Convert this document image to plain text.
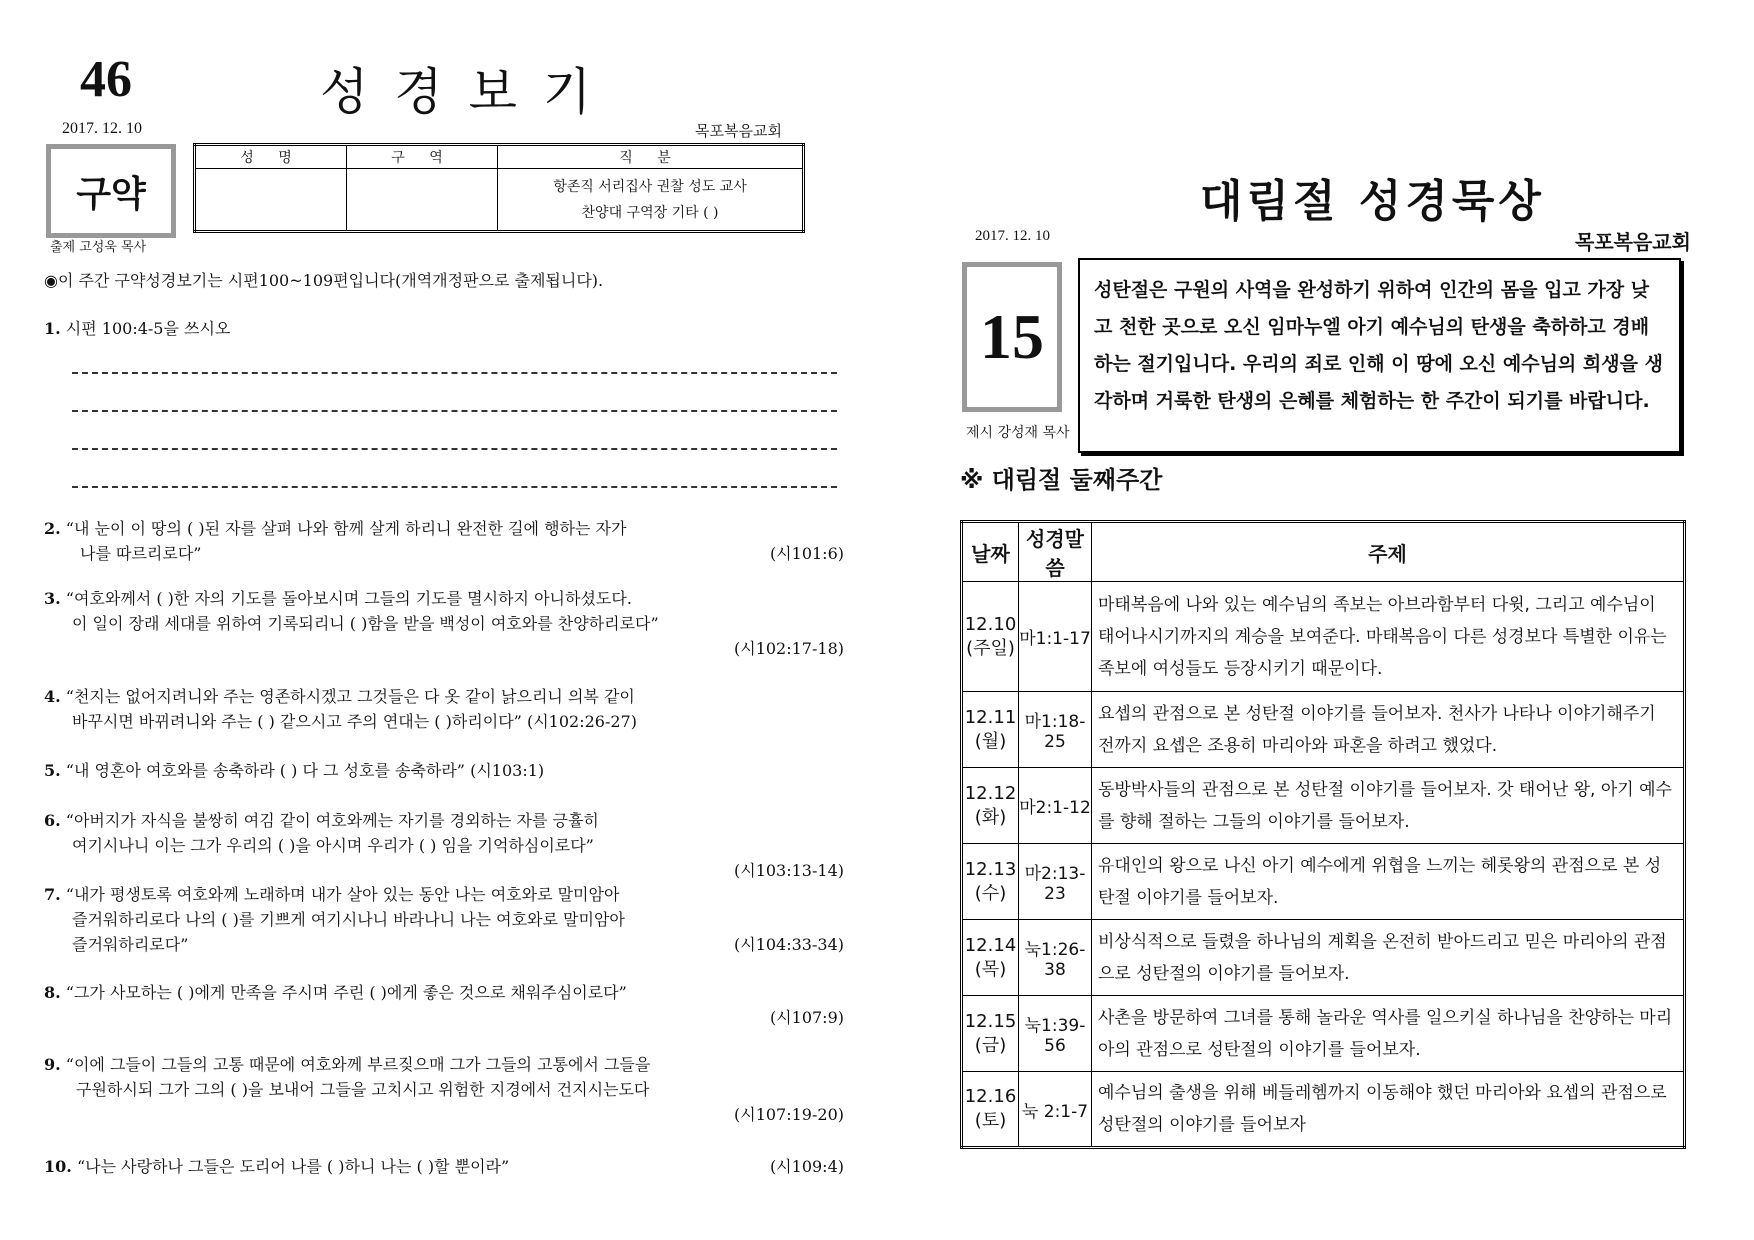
46	성경보기
2017. 12. 10	목포복음교회
구약
출제 고성욱 목사
성 명	구 역	직 분

		항존직 서리집사 권찰 성도 교사
찬양대 구역장 기타 ( )
◉이 주간 구약성경보기는 시편100~109편입니다(개역개정판으로 출제됩니다).
1. 시편 100:4-5을 쓰시오
2. “내 눈이 이 땅의 ( )된 자를 살펴 나와 함께 살게 하리니 완전한 길에 행하는 자가
나를 따르리로다”	(시101:6)
3. “여호와께서 ( )한 자의 기도를 돌아보시며 그들의 기도를 멸시하지 아니하셨도다.
이 일이 장래 세대를 위하여 기록되리니 ( )함을 받을 백성이 여호와를 찬양하리로다”
(시102:17-18)
4. “천지는 없어지려니와 주는 영존하시겠고 그것들은 다 옷 같이 낡으리니 의복 같이
바꾸시면 바뀌려니와 주는 ( ) 같으시고 주의 연대는 ( )하리이다” (시102:26-27)
5. “내 영혼아 여호와를 송축하라 ( ) 다 그 성호를 송축하라” (시103:1)
6. “아버지가 자식을 불쌍히 여김 같이 여호와께는 자기를 경외하는 자를 긍휼히
여기시나니 이는 그가 우리의 ( )을 아시며 우리가 ( ) 임을 기억하심이로다”
(시103:13-14)
7. “내가 평생토록 여호와께 노래하며 내가 살아 있는 동안 나는 여호와로 말미암아
즐거워하리로다 나의 ( )를 기쁘게 여기시나니 바라나니 나는 여호와로 말미암아
즐거워하리로다”	(시104:33-34)
8. “그가 사모하는 ( )에게 만족을 주시며 주린 ( )에게 좋은 것으로 채워주심이로다”
(시107:9)
9. “이에 그들이 그들의 고통 때문에 여호와께 부르짖으매 그가 그들의 고통에서 그들을
구원하시되 그가 그의 ( )을 보내어 그들을 고치시고 위험한 지경에서 건지시는도다
(시107:19-20)
10. “나는 사랑하나 그들은 도리어 나를 ( )하니 나는 ( )할 뿐이라”	(시109:4)
대림절 성경묵상
2017. 12. 10	목포복음교회
15
제시 강성재 목사
성탄절은 구원의 사역을 완성하기 위하여 인간의 몸을 입고 가장 낮고 천한 곳으로 오신 임마누엘 아기 예수님의 탄생을 축하하고 경배하는 절기입니다. 우리의 죄로 인해 이 땅에 오신 예수님의 희생을 생각하며 거룩한 탄생의 은혜를 체험하는 한 주간이 되기를 바랍니다.
※ 대림절 둘째주간
날짜	성경말씀	주제

12.10
(주일)	마1:1-17	마태복음에 나와 있는 예수님의 족보는 아브라함부터 다윗, 그리고 예수님이 태어나시기까지의 계승을 보여준다. 마태복음이 다른 성경보다 특별한 이유는 족보에 여성들도 등장시키기 때문이다.

12.11
(월)	마1:18-25	요셉의 관점으로 본 성탄절 이야기를 들어보자. 천사가 나타나 이야기해주기 전까지 요셉은 조용히 마리아와 파혼을 하려고 했었다.

12.12
(화)	마2:1-12	동방박사들의 관점으로 본 성탄절 이야기를 들어보자. 갓 태어난 왕, 아기 예수를 향해 절하는 그들의 이야기를 들어보자.

12.13
(수)	마2:13-23	유대인의 왕으로 나신 아기 예수에게 위협을 느끼는 헤롯왕의 관점으로 본 성탄절 이야기를 들어보자.

12.14
(목)	눅1:26-38	비상식적으로 들렸을 하나님의 계획을 온전히 받아드리고 믿은 마리아의 관점으로 성탄절의 이야기를 들어보자.

12.15
(금)	눅1:39-56	사촌을 방문하여 그녀를 통해 놀라운 역사를 일으키실 하나님을 찬양하는 마리아의 관점으로 성탄절의 이야기를 들어보자.

12.16
(토)	눅 2:1-7	예수님의 출생을 위해 베들레헴까지 이동해야 했던 마리아와 요셉의 관점으로 성탄절의 이야기를 들어보자
